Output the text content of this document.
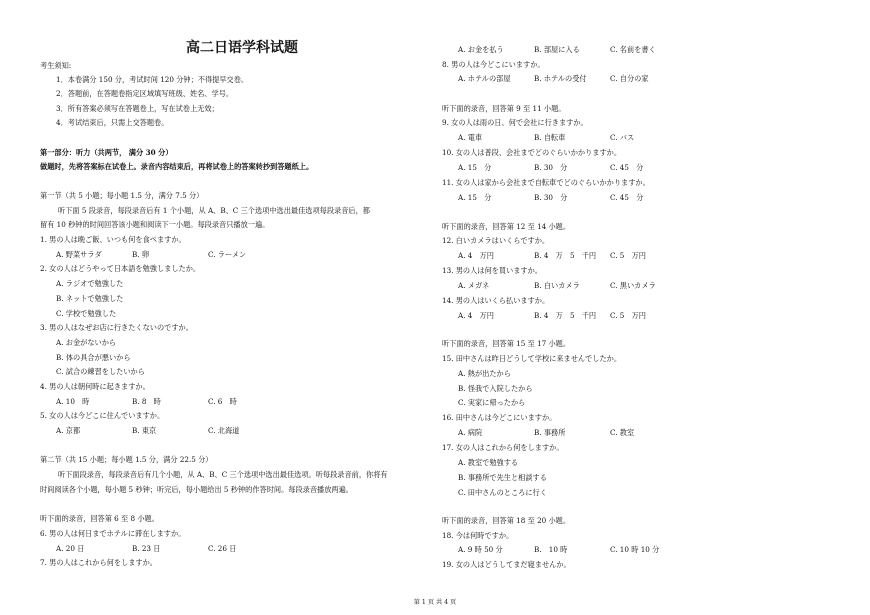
高二日语学科试题
考生须知:
1．本卷满分 150 分，考试时间 120 分钟；不得提早交卷。
2．答题前，在答题卷指定区域填写班级、姓名、学号。
3．所有答案必须写在答题卷上，写在试卷上无效；
4．考试结束后，只需上交答题卷。
第一部分：听力（共两节， 满分 30 分）
做题时，先将答案标在试卷上。录音内容结束后，再将试卷上的答案转抄到答题纸上。
第一节（共 5 小题；每小题 1.5 分，满分 7.5 分）
听下面 5 段录音，每段录音后有 1 个小题，从 A、B、C 三个选项中选出最佳选项每段录音后，都
留有 10 秒钟的时间回答该小题和阅读下一小题。每段录音只播放一遍。
1. 男の人は晩ご飯、いつも何を食べますか。
A. 野菜サラダ	B. 卵	C. ラーメン
2. 女の人はどうやって日本語を勉強しましたか。
A. ラジオで勉強した
B. ネットで勉強した
C. 学校で勉強した
3. 男の人はなぜお店に行きたくないのですか。
A. お金がないから
B. 体の具合が悪いから
C. 試合の練習をしたいから
4. 男の人は朝何時に起きますか。
A. 10　時	B. 8　時	C. 6　時
5. 女の人は今どこに住んでいますか。
A. 京都	B. 東京	C. 北海道
第二节（共 15 小题；每小题 1.5 分，满分 22.5 分）
听下面段录音，每段录音后有几个小题，从 A、B、C 三个选项中选出最佳选项。听每段录音前，你将有
时间阅读各个小题，每小题 5 秒钟；听完后，每小题给出 5 秒钟的作答时间。每段录音播放两遍。
听下面的录音，回答第 6 至 8 小题。
6. 男の人は何日までホテルに滞在しますか。
A. 20 日	B. 23 日	C. 26 日
7. 男の人はこれから何をしますか。
A. お金を払う	B. 部屋に入る	C. 名前を書く
8. 男の人は今どこにいますか。
A. ホテルの部屋	B. ホテルの受付	C. 自分の家
听下面的录音，回答第 9 至 11 小题。
9. 女の人は雨の日、何で会社に行きますか。
A. 電車	B. 自転車	C. バス
10. 女の人は普段、会社までどのぐらいかかりますか。
A. 15　分	B. 30　分	C. 45　分
11. 女の人は家から会社まで自転車でどのぐらいかかりますか。
A. 15　分	B. 30　分	C. 45　分
听下面的录音，回答第 12 至 14 小题。
12. 白いカメラはいくらですか。
A. 4　万円	B. 4　万　5　千円 C. 5　万円
13. 男の人は何を買いますか。
A. メガネ	B. 白いカメラ	C. 黒いカメラ
14. 男の人はいくら払いますか。
A. 4　万円	B. 4　万　5　千円 C. 5　万円
听下面的录音，回答第 15 至 17 小题。
15. 田中さんは昨日どうして学校に来ませんでしたか。
A. 熱が出たから
B. 怪我で入院したから
C. 実家に帰ったから
16. 田中さんは今どこにいますか。
A. 病院	B. 事務所	C. 教室
17. 女の人はこれから何をしますか。
A. 教室で勉強する
B. 事務所で先生と相談する
C. 田中さんのところに行く
听下面的录音，回答第 18 至 20 小题。
18. 今は何時ですか。
A. 9 時 50 分	B.　10 時	C. 10 時 10 分
19. 女の人はどうしてまだ寝ませんか。
第 1 页 共 4 页
